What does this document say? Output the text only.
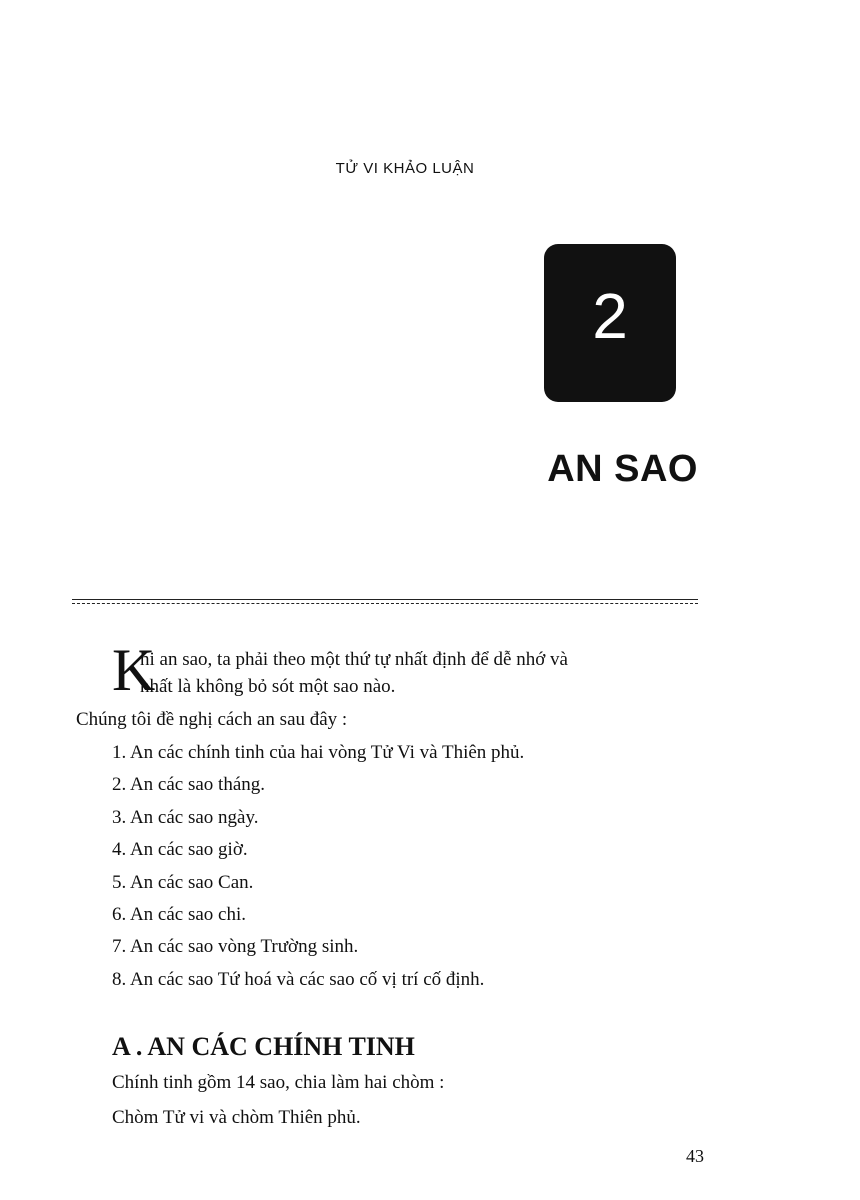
TỬ VI KHẢO LUẬN
2
AN SAO
K
hi an sao, ta phải theo một thứ tự nhất định để dễ nhớ và
nhất là không bỏ sót một sao nào.
Chúng tôi đề nghị cách an sau đây :
1. An các chính tinh của hai vòng Tử Vi và Thiên phủ.
2. An các sao tháng.
3. An các sao ngày.
4. An các sao giờ.
5. An các sao Can.
6. An các sao chi.
7. An các sao vòng Trường sinh.
8. An các sao Tứ hoá và các sao cố vị trí cố định.
A . AN CÁC CHÍNH TINH
Chính tinh gồm 14 sao, chia làm hai chòm :
Chòm Tử vi và chòm Thiên phủ.
43
